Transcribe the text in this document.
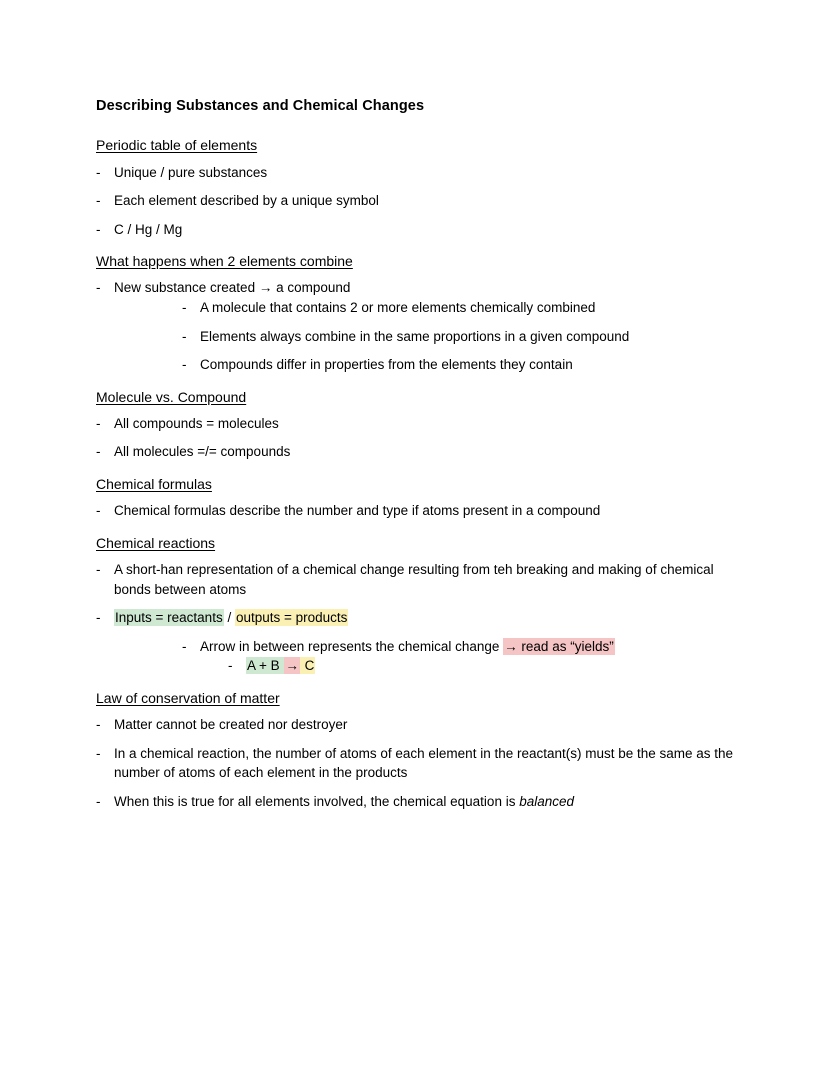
Describing Substances and Chemical Changes
Periodic table of elements
-	Unique / pure substances
-	Each element described by a unique symbol
-	C / Hg / Mg
What happens when 2 elements combine
-	New substance created → a compound
-	A molecule that contains 2 or more elements chemically combined
-	Elements always combine in the same proportions in a given compound
-	Compounds differ in properties from the elements they contain
Molecule vs. Compound
-	All compounds = molecules
-	All molecules =/= compounds
Chemical formulas
-	Chemical formulas describe the number and type if atoms present in a compound
Chemical reactions
-	A short-han representation of a chemical change resulting from teh breaking and making of chemical bonds between atoms
-	Inputs = reactants / outputs = products
-	Arrow in between represents the chemical change → read as “yields”
-	A + B → C
Law of conservation of matter
-	Matter cannot be created nor destroyer
-	In a chemical reaction, the number of atoms of each element in the reactant(s) must be the same as the number of atoms of each element in the products
-	When this is true for all elements involved, the chemical equation is balanced
